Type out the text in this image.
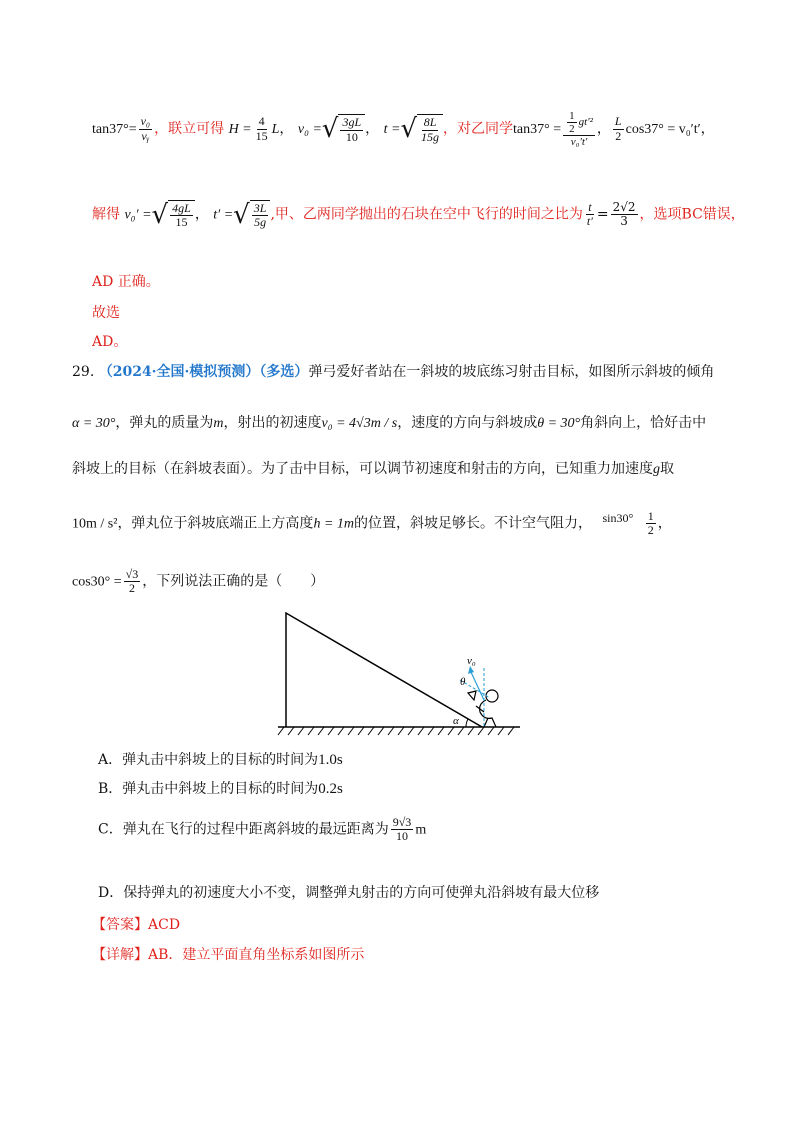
$\tan 37^\circ= \frac{\text{v₀}}{\text{vᵧ}}$ ，联立可得 $H = \frac{4}{15}$ L， v₀ = √ $\frac{3gL}{10}$ ， t = √ $\frac{8L}{15g}$ ，对乙同学$\tan 37^\circ = \frac{\frac{1}{2} gt'^2}{\text{v₀′t′}}$ ， $\frac{L}{2} \cos 37^\circ = v_0't'$，
解得 v₀′ = √ $\frac{4gL}{15}$ ， t′ = √ $\frac{3L}{5g}$ ,甲、乙两同学抛出的石块在空中飞行的时间之比为 $\frac{t}{t'} = \frac{2√2}{3}$ ，选项BC错误，
AD 正确。
故选
AD。
29. （2024·全国·模拟预测）（多选）弹弓爱好者站在一斜坡的坡底练习射击目标，如图所示斜坡的倾角
α = 30°，弹丸的质量为m，射出的初速度v₀ = 4√3m / s，速度的方向与斜坡成θ = 30°角斜向上，恰好击中
斜坡上的目标（在斜坡表面）。为了击中目标，可以调节初速度和射击的方向，已知重力加速度g取
10m / s²，弹丸位于斜坡底端正上方高度h = 1m的位置，斜坡足够长。不计空气阻力， $\sin 30^\circ \frac{1}{2}$ ，
$\cos 30^\circ = \frac{√3}{2}$ ，下列说法正确的是（　　）
α
v₀
θ
A．弹丸击中斜坡上的目标的时间为1.0s
B．弹丸击中斜坡上的目标的时间为0.2s
C．弹丸在飞行的过程中距离斜坡的最远距离为 $\frac{9√3}{10}$ m
D．保持弹丸的初速度大小不变，调整弹丸射击的方向可使弹丸沿斜坡有最大位移
【答案】ACD
【详解】AB．建立平面直角坐标系如图所示
